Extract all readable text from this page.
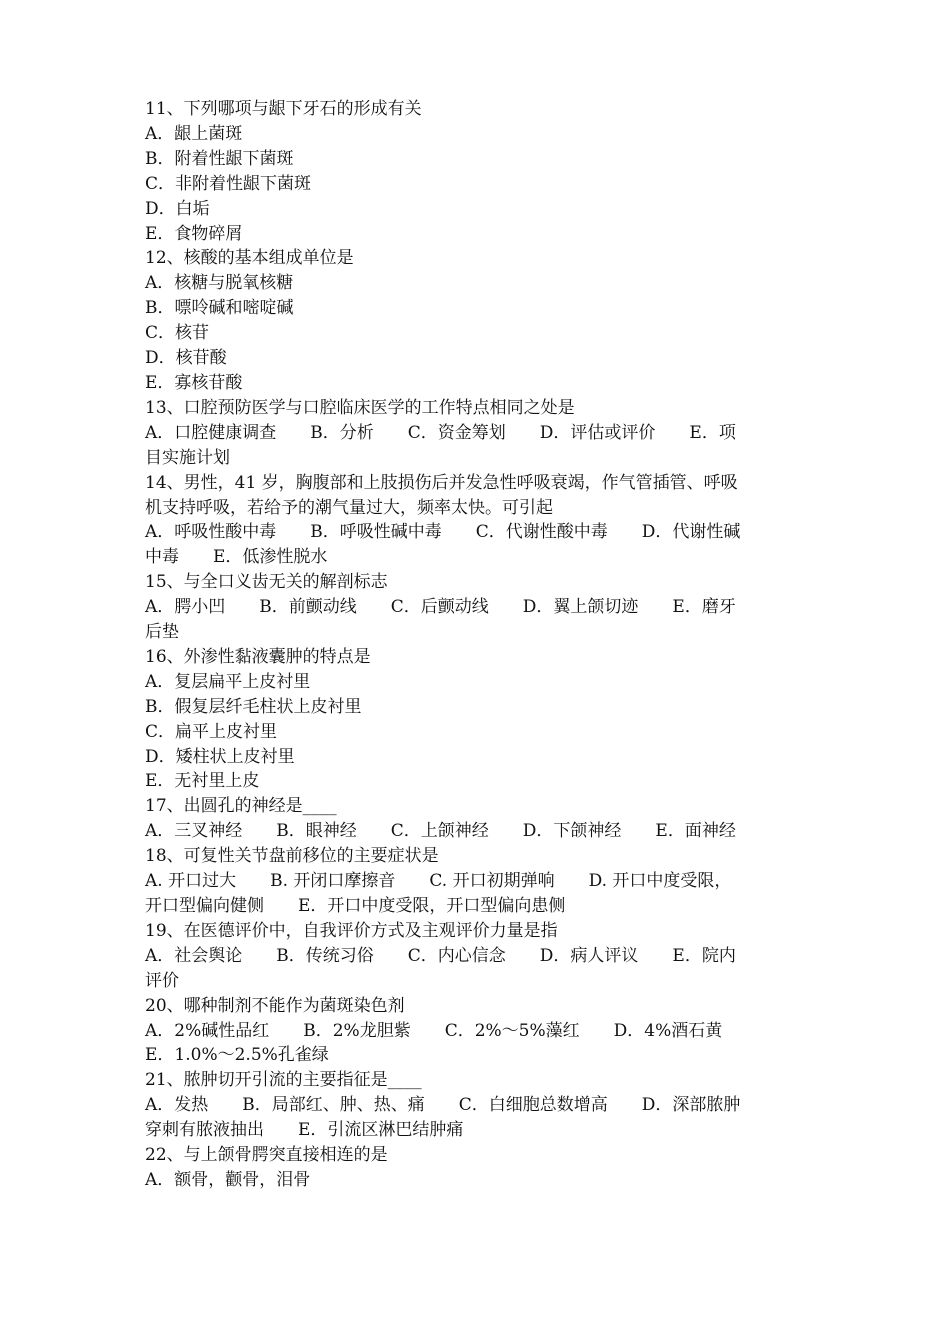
11、下列哪项与龈下牙石的形成有关

A．龈上菌斑

B．附着性龈下菌斑

C．非附着性龈下菌斑

D．白垢

E．食物碎屑

12、核酸的基本组成单位是

A．核糖与脱氧核糖

B．嘌呤碱和嘧啶碱

C．核苷

D．核苷酸

E．寡核苷酸

13、口腔预防医学与口腔临床医学的工作特点相同之处是

A．口腔健康调查　　B．分析　　C．资金筹划　　D．评估或评价　　E．项

目实施计划

14、男性，41 岁，胸腹部和上肢损伤后并发急性呼吸衰竭，作气管插管、呼吸

机支持呼吸，若给予的潮气量过大，频率太快。可引起

A．呼吸性酸中毒　　B．呼吸性碱中毒　　C．代谢性酸中毒　　D．代谢性碱

中毒　　E．低渗性脱水

15、与全口义齿无关的解剖标志

A．腭小凹　　B．前颤动线　　C．后颤动线　　D．翼上颌切迹　　E．磨牙

后垫

16、外渗性黏液囊肿的特点是

A．复层扁平上皮衬里

B．假复层纤毛柱状上皮衬里

C．扁平上皮衬里

D．矮柱状上皮衬里

E．无衬里上皮

17、出圆孔的神经是____

A．三叉神经　　B．眼神经　　C．上颌神经　　D．下颌神经　　E．面神经

18、可复性关节盘前移位的主要症状是

A. 开口过大　　B. 开闭口摩擦音　　C. 开口初期弹响　　D. 开口中度受限，

开口型偏向健侧　　E．开口中度受限，开口型偏向患侧

19、在医德评价中，自我评价方式及主观评价力量是指

A．社会舆论　　B．传统习俗　　C．内心信念　　D．病人评议　　E．院内

评价

20、哪种制剂不能作为菌斑染色剂

A．2%碱性品红　　B．2%龙胆紫　　C．2%～5%藻红　　D．4%酒石黄

E．1.0%～2.5%孔雀绿

21、脓肿切开引流的主要指征是____

A．发热　　B．局部红、肿、热、痛　　C．白细胞总数增高　　D．深部脓肿

穿刺有脓液抽出　　E．引流区淋巴结肿痛

22、与上颌骨腭突直接相连的是

A．额骨，颧骨，泪骨
